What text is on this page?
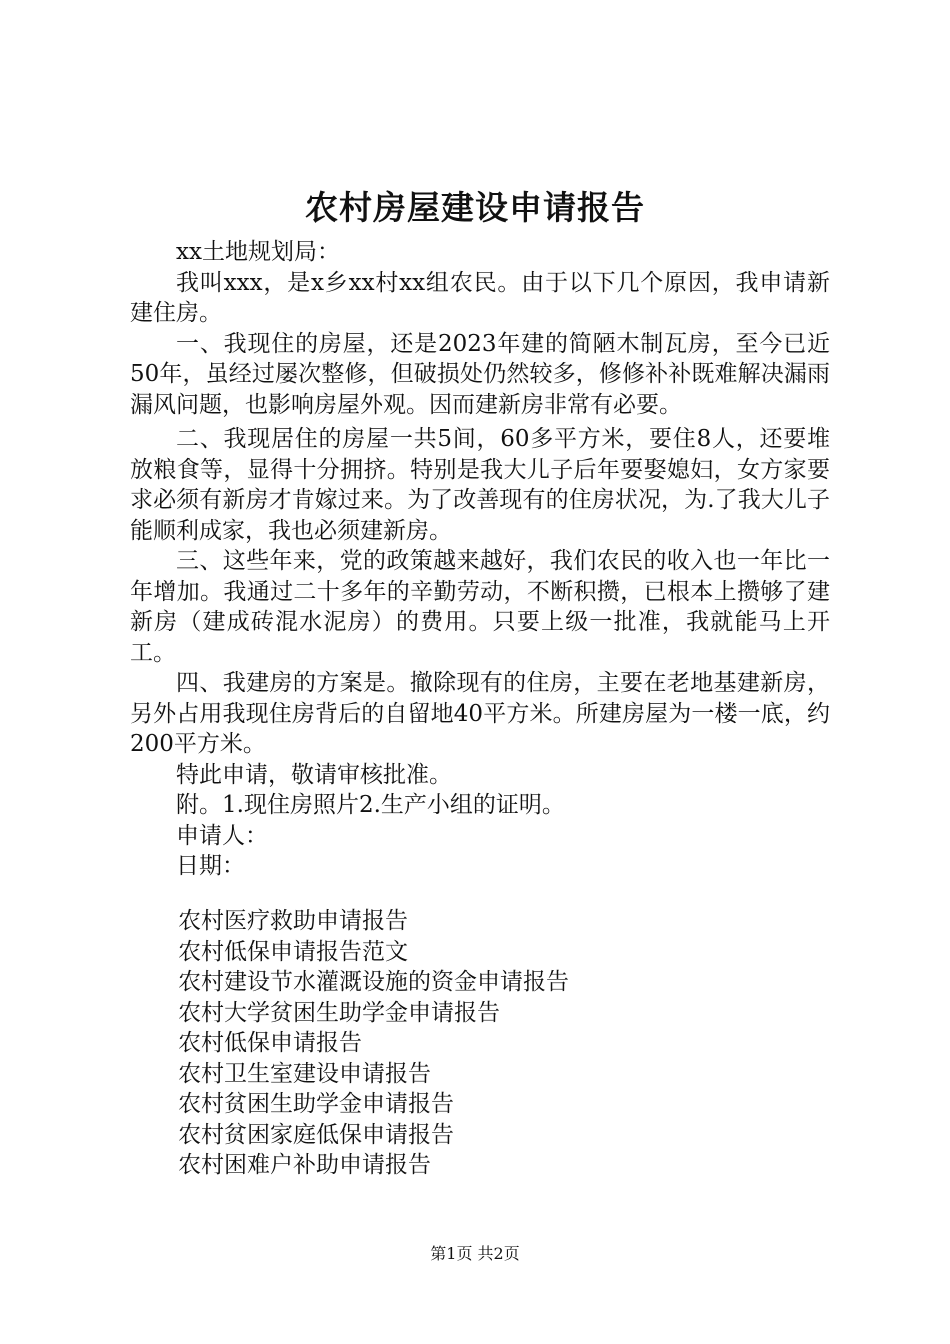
农村房屋建设申请报告

xx土地规划局：

我叫xxx，是x乡xx村xx组农民。由于以下几个原因，我申请新建住房。

一、我现住的房屋，还是2023年建的简陋木制瓦房，至今已近50年，虽经过屡次整修，但破损处仍然较多，修修补补既难解决漏雨漏风问题，也影响房屋外观。因而建新房非常有必要。

二、我现居住的房屋一共5间，60多平方米，要住8人，还要堆放粮食等，显得十分拥挤。特别是我大儿子后年要娶媳妇，女方家要求必须有新房才肯嫁过来。为了改善现有的住房状况，为.了我大儿子能顺利成家，我也必须建新房。

三、这些年来，党的政策越来越好，我们农民的收入也一年比一年增加。我通过二十多年的辛勤劳动，不断积攒，已根本上攒够了建新房（建成砖混水泥房）的费用。只要上级一批准，我就能马上开工。

四、我建房的方案是。撤除现有的住房，主要在老地基建新房，另外占用我现住房背后的自留地40平方米。所建房屋为一楼一底，约200平方米。

特此申请，敬请审核批准。

附。1.现住房照片2.生产小组的证明。

申请人：

日期：

农村医疗救助申请报告
农村低保申请报告范文
农村建设节水灌溉设施的资金申请报告
农村大学贫困生助学金申请报告
农村低保申请报告
农村卫生室建设申请报告
农村贫困生助学金申请报告
农村贫困家庭低保申请报告
农村困难户补助申请报告
第1页 共2页
